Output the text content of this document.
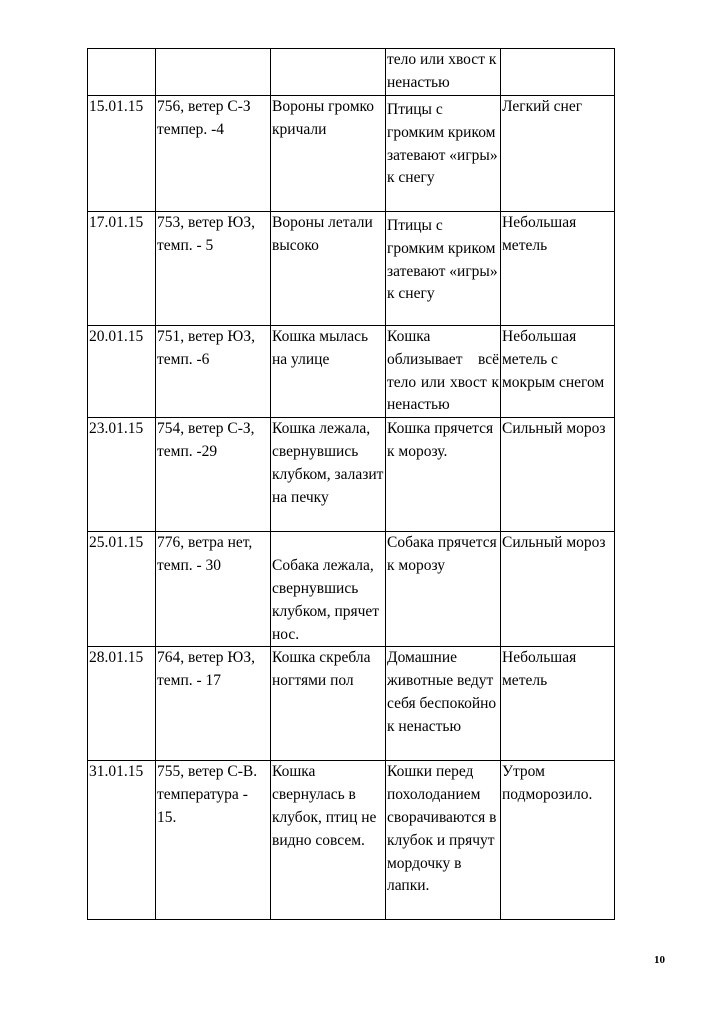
			тело или хвост к ненастью	
15.01.15	756, ветер С-З темпер. -4	Вороны громко кричали	Птицы с громким криком затевают «игры» к снегу	Легкий снег
17.01.15	753, ветер ЮЗ, темп. - 5	Вороны летали высоко	Птицы с громким криком затевают «игры» к снегу	Небольшая метель
20.01.15	751, ветер ЮЗ, темп. -6	Кошка мылась на улице	Кошка облизывает всё тело или хвост к ненастью	Небольшая метель с мокрым снегом
23.01.15	754, ветер С-З, темп. -29	Кошка лежала, свернувшись клубком, залазит на печку	Кошка прячется к морозу.	Сильный мороз
25.01.15	776, ветра нет, темп. - 30	Собака лежала, свернувшись клубком, прячет нос.	Собака прячется к морозу	Сильный мороз
28.01.15	764, ветер ЮЗ, темп. - 17	Кошка скребла ногтями пол	Домашние животные ведут себя беспокойно к ненастью	Небольшая метель
31.01.15	755, ветер С-В. температура - 15.	Кошка свернулась в клубок, птиц не видно совсем.	Кошки перед похолоданием сворачиваются в клубок и прячут мордочку в лапки.	Утром подморозило.
10
